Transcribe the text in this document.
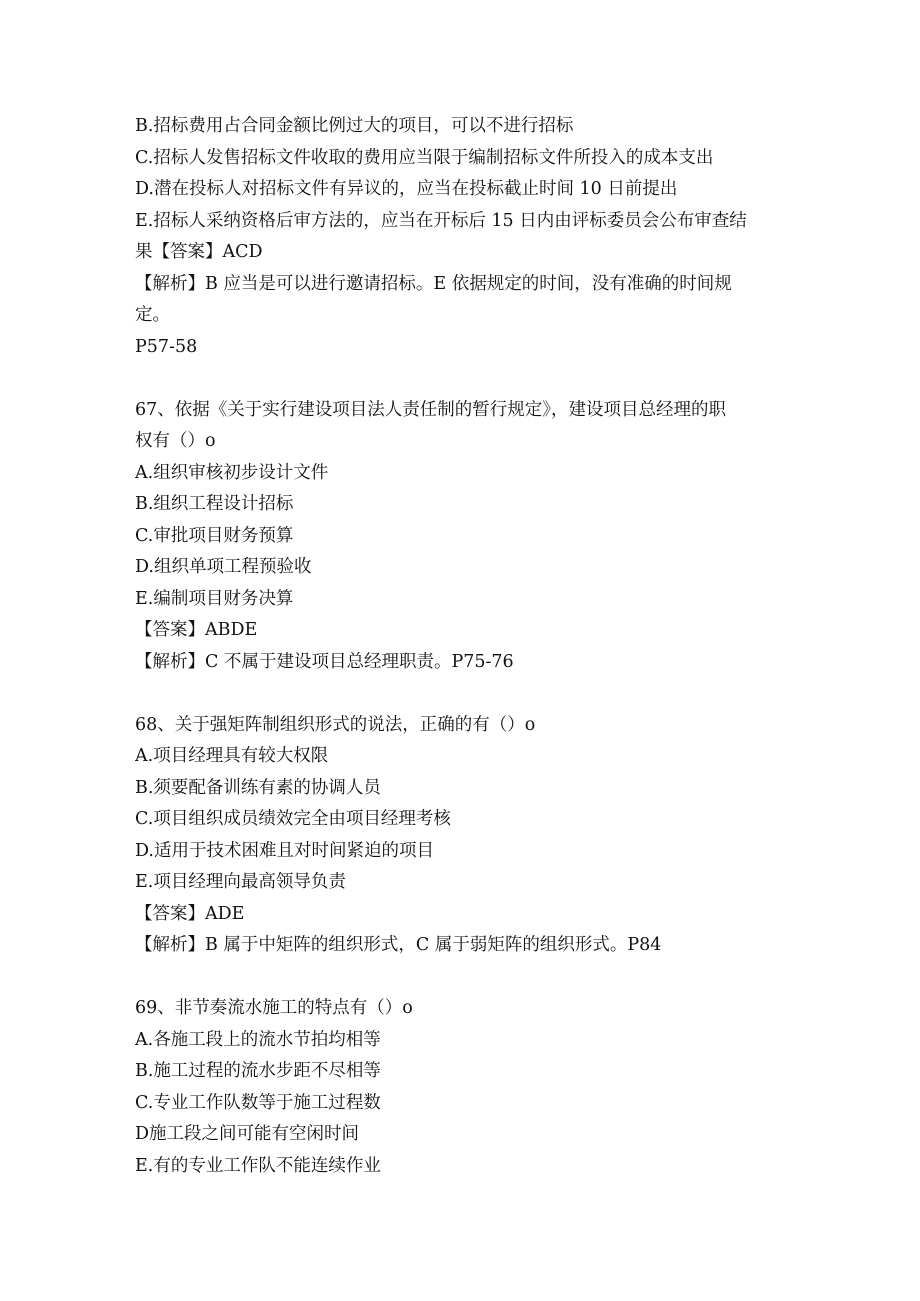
B.招标费用占合同金额比例过大的项目，可以不进行招标
C.招标人发售招标文件收取的费用应当限于编制招标文件所投入的成本支出
D.潜在投标人对招标文件有异议的，应当在投标截止时间 10 日前提出
E.招标人采纳资格后审方法的，应当在开标后 15 日内由评标委员会公布审查结
果【答案】ACD
【解析】B 应当是可以进行邀请招标。E 依据规定的时间，没有准确的时间规
定。
P57-58
67、依据《关于实行建设项目法人责任制的暂行规定》，建设项目总经理的职
权有（）o
A.组织审核初步设计文件
B.组织工程设计招标
C.审批项目财务预算
D.组织单项工程预验收
E.编制项目财务决算
【答案】ABDE
【解析】C 不属于建设项目总经理职责。P75-76
68、关于强矩阵制组织形式的说法，正确的有（）o
A.项目经理具有较大权限
B.须要配备训练有素的协调人员
C.项目组织成员绩效完全由项目经理考核
D.适用于技术困难且对时间紧迫的项目
E.项目经理向最高领导负责
【答案】ADE
【解析】B 属于中矩阵的组织形式，C 属于弱矩阵的组织形式。P84
69、非节奏流水施工的特点有（）o
A.各施工段上的流水节拍均相等
B.施工过程的流水步距不尽相等
C.专业工作队数等于施工过程数
D施工段之间可能有空闲时间
E.有的专业工作队不能连续作业
